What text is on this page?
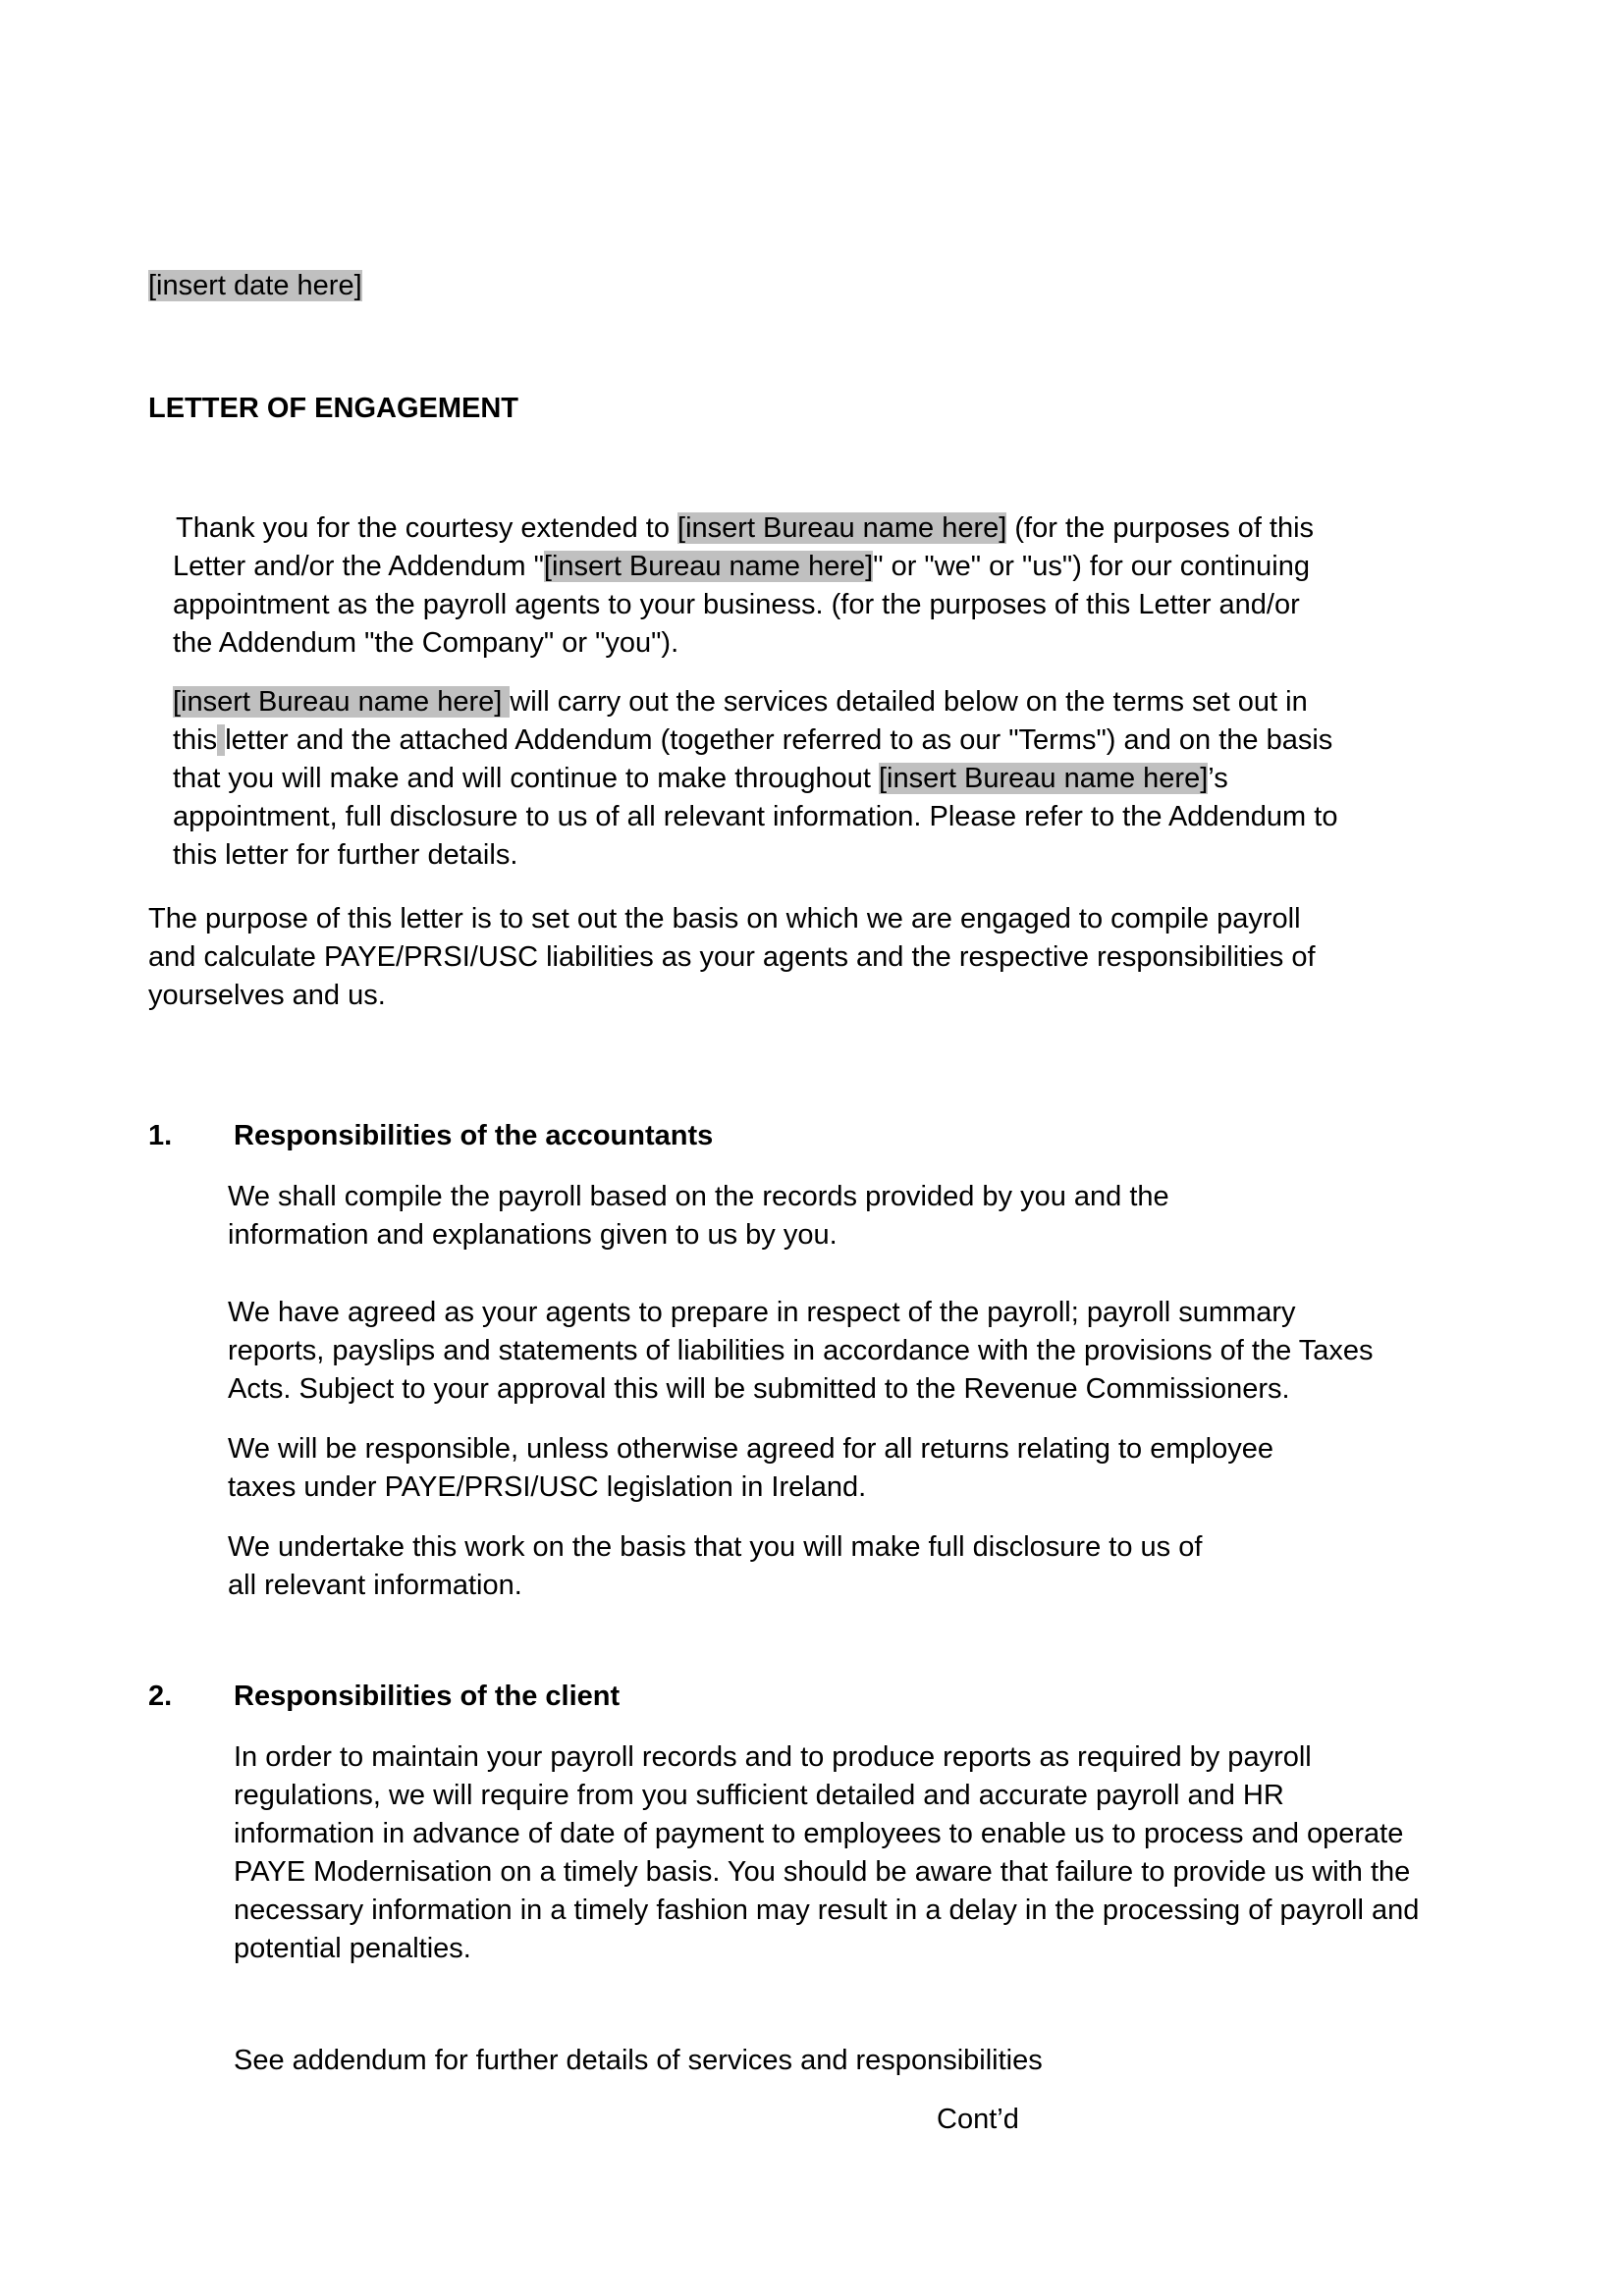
[insert date here]
LETTER OF ENGAGEMENT
Thank you for the courtesy extended to [insert Bureau name here] (for the purposes of this
Letter and/or the Addendum "[insert Bureau name here]" or "we" or "us") for our continuing
appointment as the payroll agents to your business. (for the purposes of this Letter and/or
the Addendum "the Company" or "you").
[insert Bureau name here] will carry out the services detailed below on the terms set out in
this letter and the attached Addendum (together referred to as our "Terms") and on the basis
that you will make and will continue to make throughout [insert Bureau name here]’s
appointment, full disclosure to us of all relevant information. Please refer to the Addendum to
this letter for further details.
The purpose of this letter is to set out the basis on which we are engaged to compile payroll
and calculate PAYE/PRSI/USC liabilities as your agents and the respective responsibilities of
yourselves and us.
1. Responsibilities of the accountants
We shall compile the payroll based on the records provided by you and the
information and explanations given to us by you.
We have agreed as your agents to prepare in respect of the payroll; payroll summary
reports, payslips and statements of liabilities in accordance with the provisions of the Taxes
Acts. Subject to your approval this will be submitted to the Revenue Commissioners.
We will be responsible, unless otherwise agreed for all returns relating to employee
taxes under PAYE/PRSI/USC legislation in Ireland.
We undertake this work on the basis that you will make full disclosure to us of
all relevant information.
2. Responsibilities of the client
In order to maintain your payroll records and to produce reports as required by payroll
regulations, we will require from you sufficient detailed and accurate payroll and HR
information in advance of date of payment to employees to enable us to process and operate
PAYE Modernisation on a timely basis. You should be aware that failure to provide us with the
necessary information in a timely fashion may result in a delay in the processing of payroll and
potential penalties.
See addendum for further details of services and responsibilities
Cont’d
